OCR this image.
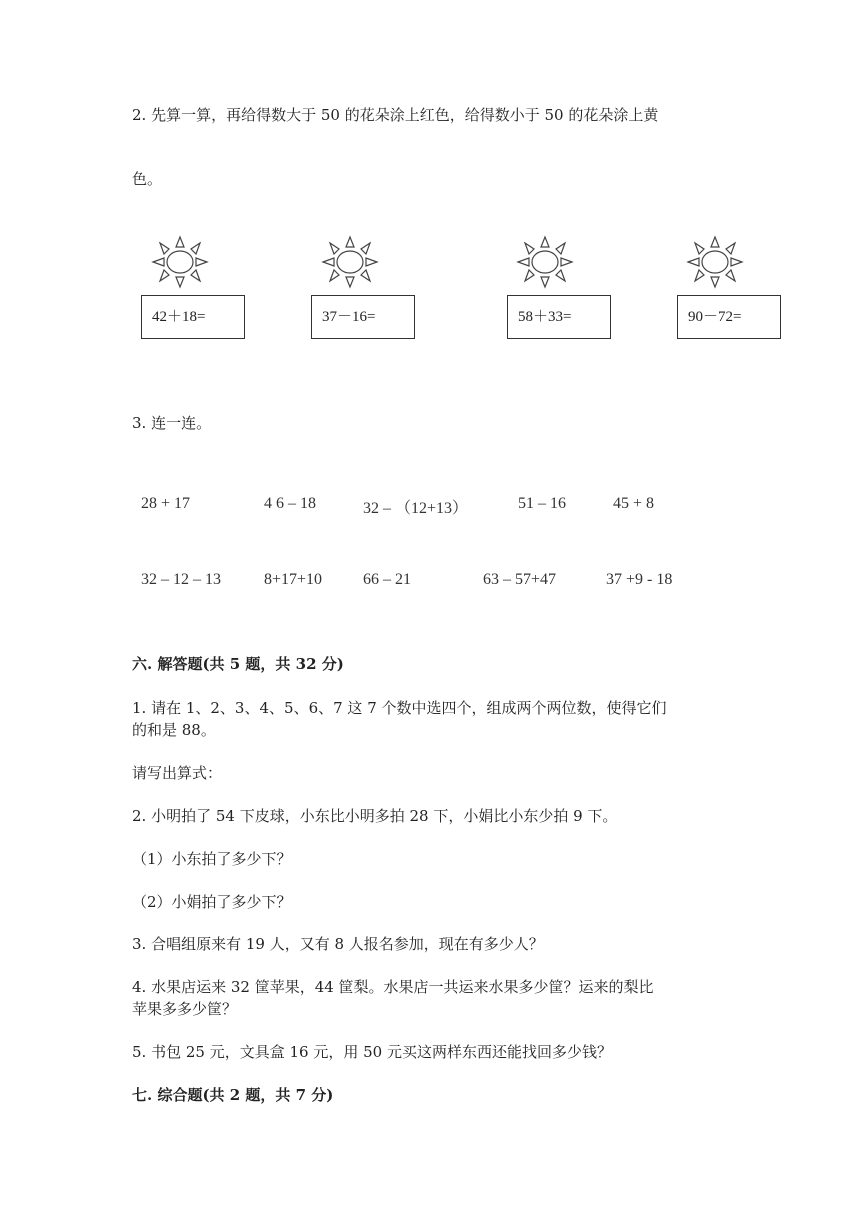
2. 先算一算，再给得数大于 50 的花朵涂上红色，给得数小于 50 的花朵涂上黄
色。
42＋18=	37－16=	58＋33=	90－72=
3. 连一连。
28 + 17	4 6 – 18	32 – （12+13）	51 – 16	45 + 8
32 – 12 – 13	8+17+10	66 – 21	63 – 57+47	37 +9 - 18
六. 解答题(共 5 题，共 32 分)
1. 请在 1、2、3、4、5、6、7 这 7 个数中选四个，组成两个两位数，使得它们
的和是 88。
请写出算式：
2. 小明拍了 54 下皮球，小东比小明多拍 28 下，小娟比小东少拍 9 下。
（1）小东拍了多少下？
（2）小娟拍了多少下？
3. 合唱组原来有 19 人，又有 8 人报名参加，现在有多少人？
4. 水果店运来 32 筐苹果，44 筐梨。水果店一共运来水果多少筐？运来的梨比
苹果多多少筐？
5. 书包 25 元，文具盒 16 元，用 50 元买这两样东西还能找回多少钱？
七. 综合题(共 2 题，共 7 分)
